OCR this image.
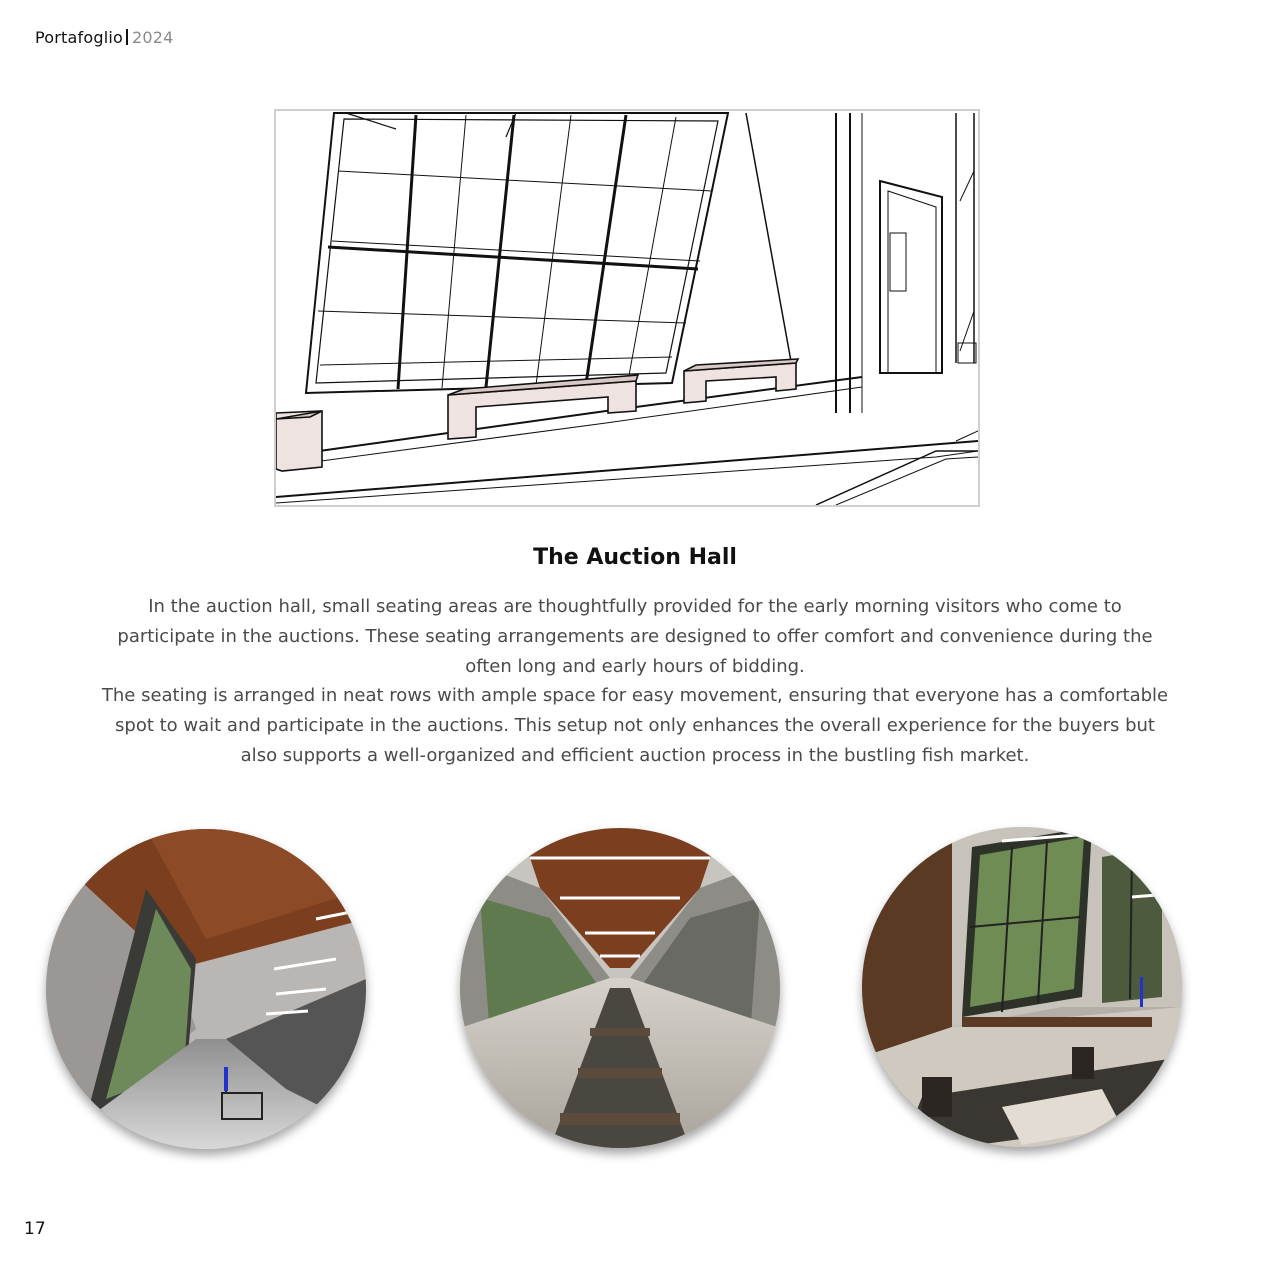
Portafoglio 2024
The Auction Hall

In the auction hall, small seating areas are thoughtfully provided for the early morning visitors who come to participate in the auctions. These seating arrangements are designed to offer comfort and convenience during the often long and early hours of bidding.

The seating is arranged in neat rows with ample space for easy movement, ensuring that everyone has a comfortable spot to wait and participate in the auctions. This setup not only enhances the overall experience for the buyers but also supports a well-organized and efficient auction process in the bustling fish market.

17
